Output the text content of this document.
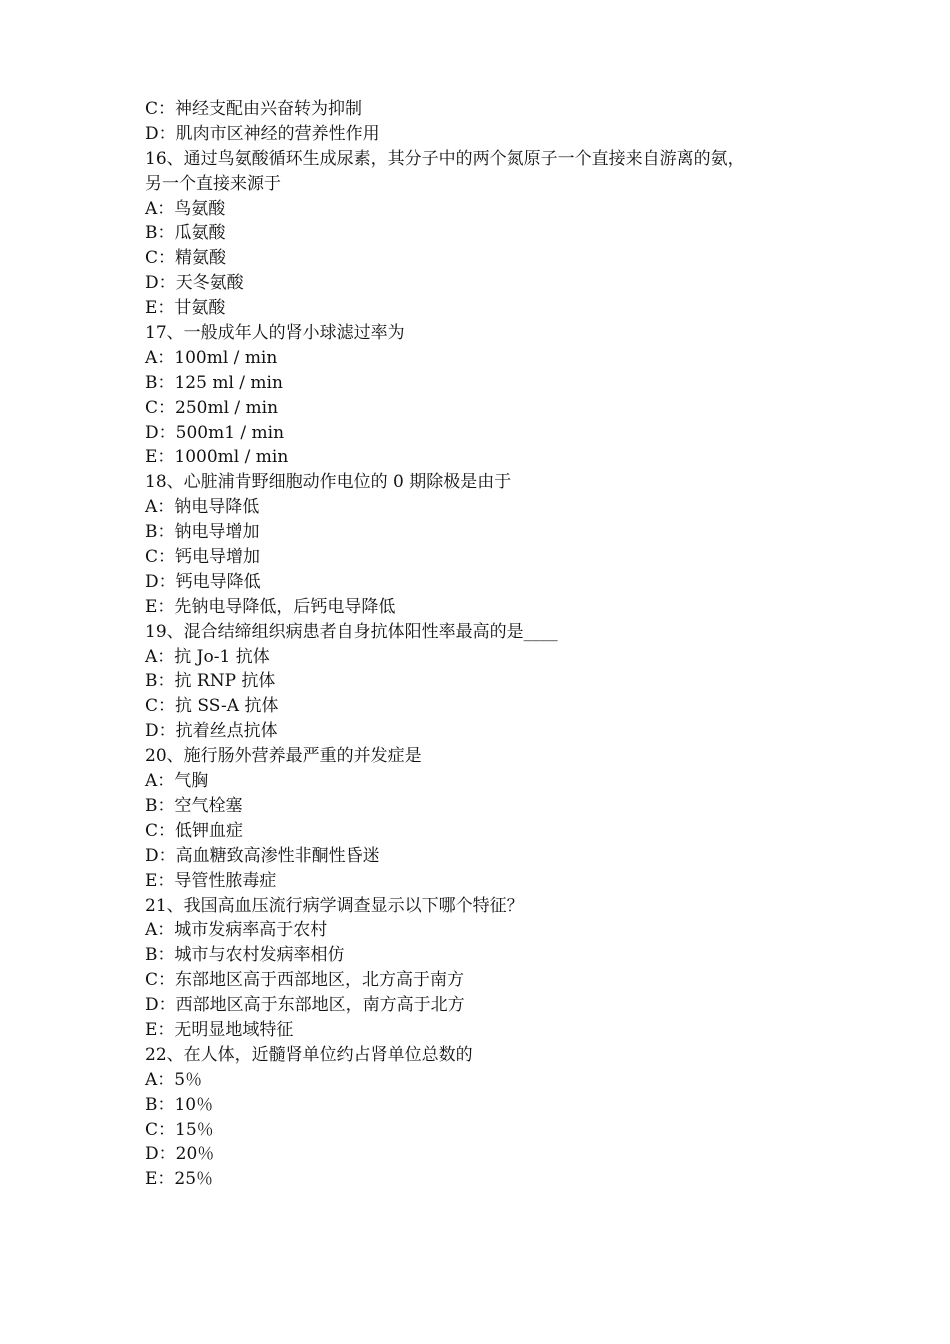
C：神经支配由兴奋转为抑制
D：肌肉市区神经的营养性作用
16、通过鸟氨酸循环生成尿素，其分子中的两个氮原子一个直接来自游离的氨，
另一个直接来源于
A：鸟氨酸
B：瓜氨酸
C：精氨酸
D：天冬氨酸
E：甘氨酸
17、一般成年人的肾小球滤过率为
A：100ml / min
B：125 ml / min
C：250ml / min
D：500m1 / min
E：1000ml / min
18、心脏浦肯野细胞动作电位的 0 期除极是由于
A：钠电导降低
B：钠电导增加
C：钙电导增加
D：钙电导降低
E：先钠电导降低，后钙电导降低
19、混合结缔组织病患者自身抗体阳性率最高的是____
A：抗 Jo-1 抗体
B：抗 RNP 抗体
C：抗 SS-A 抗体
D：抗着丝点抗体
20、施行肠外营养最严重的并发症是
A：气胸
B：空气栓塞
C：低钾血症
D：高血糖致高渗性非酮性昏迷
E：导管性脓毒症
21、我国高血压流行病学调查显示以下哪个特征？
A：城市发病率高于农村
B：城市与农村发病率相仿
C：东部地区高于西部地区，北方高于南方
D：西部地区高于东部地区，南方高于北方
E：无明显地域特征
22、在人体，近髓肾单位约占肾单位总数的
A：5％
B：10％
C：15％
D：20％
E：25％
